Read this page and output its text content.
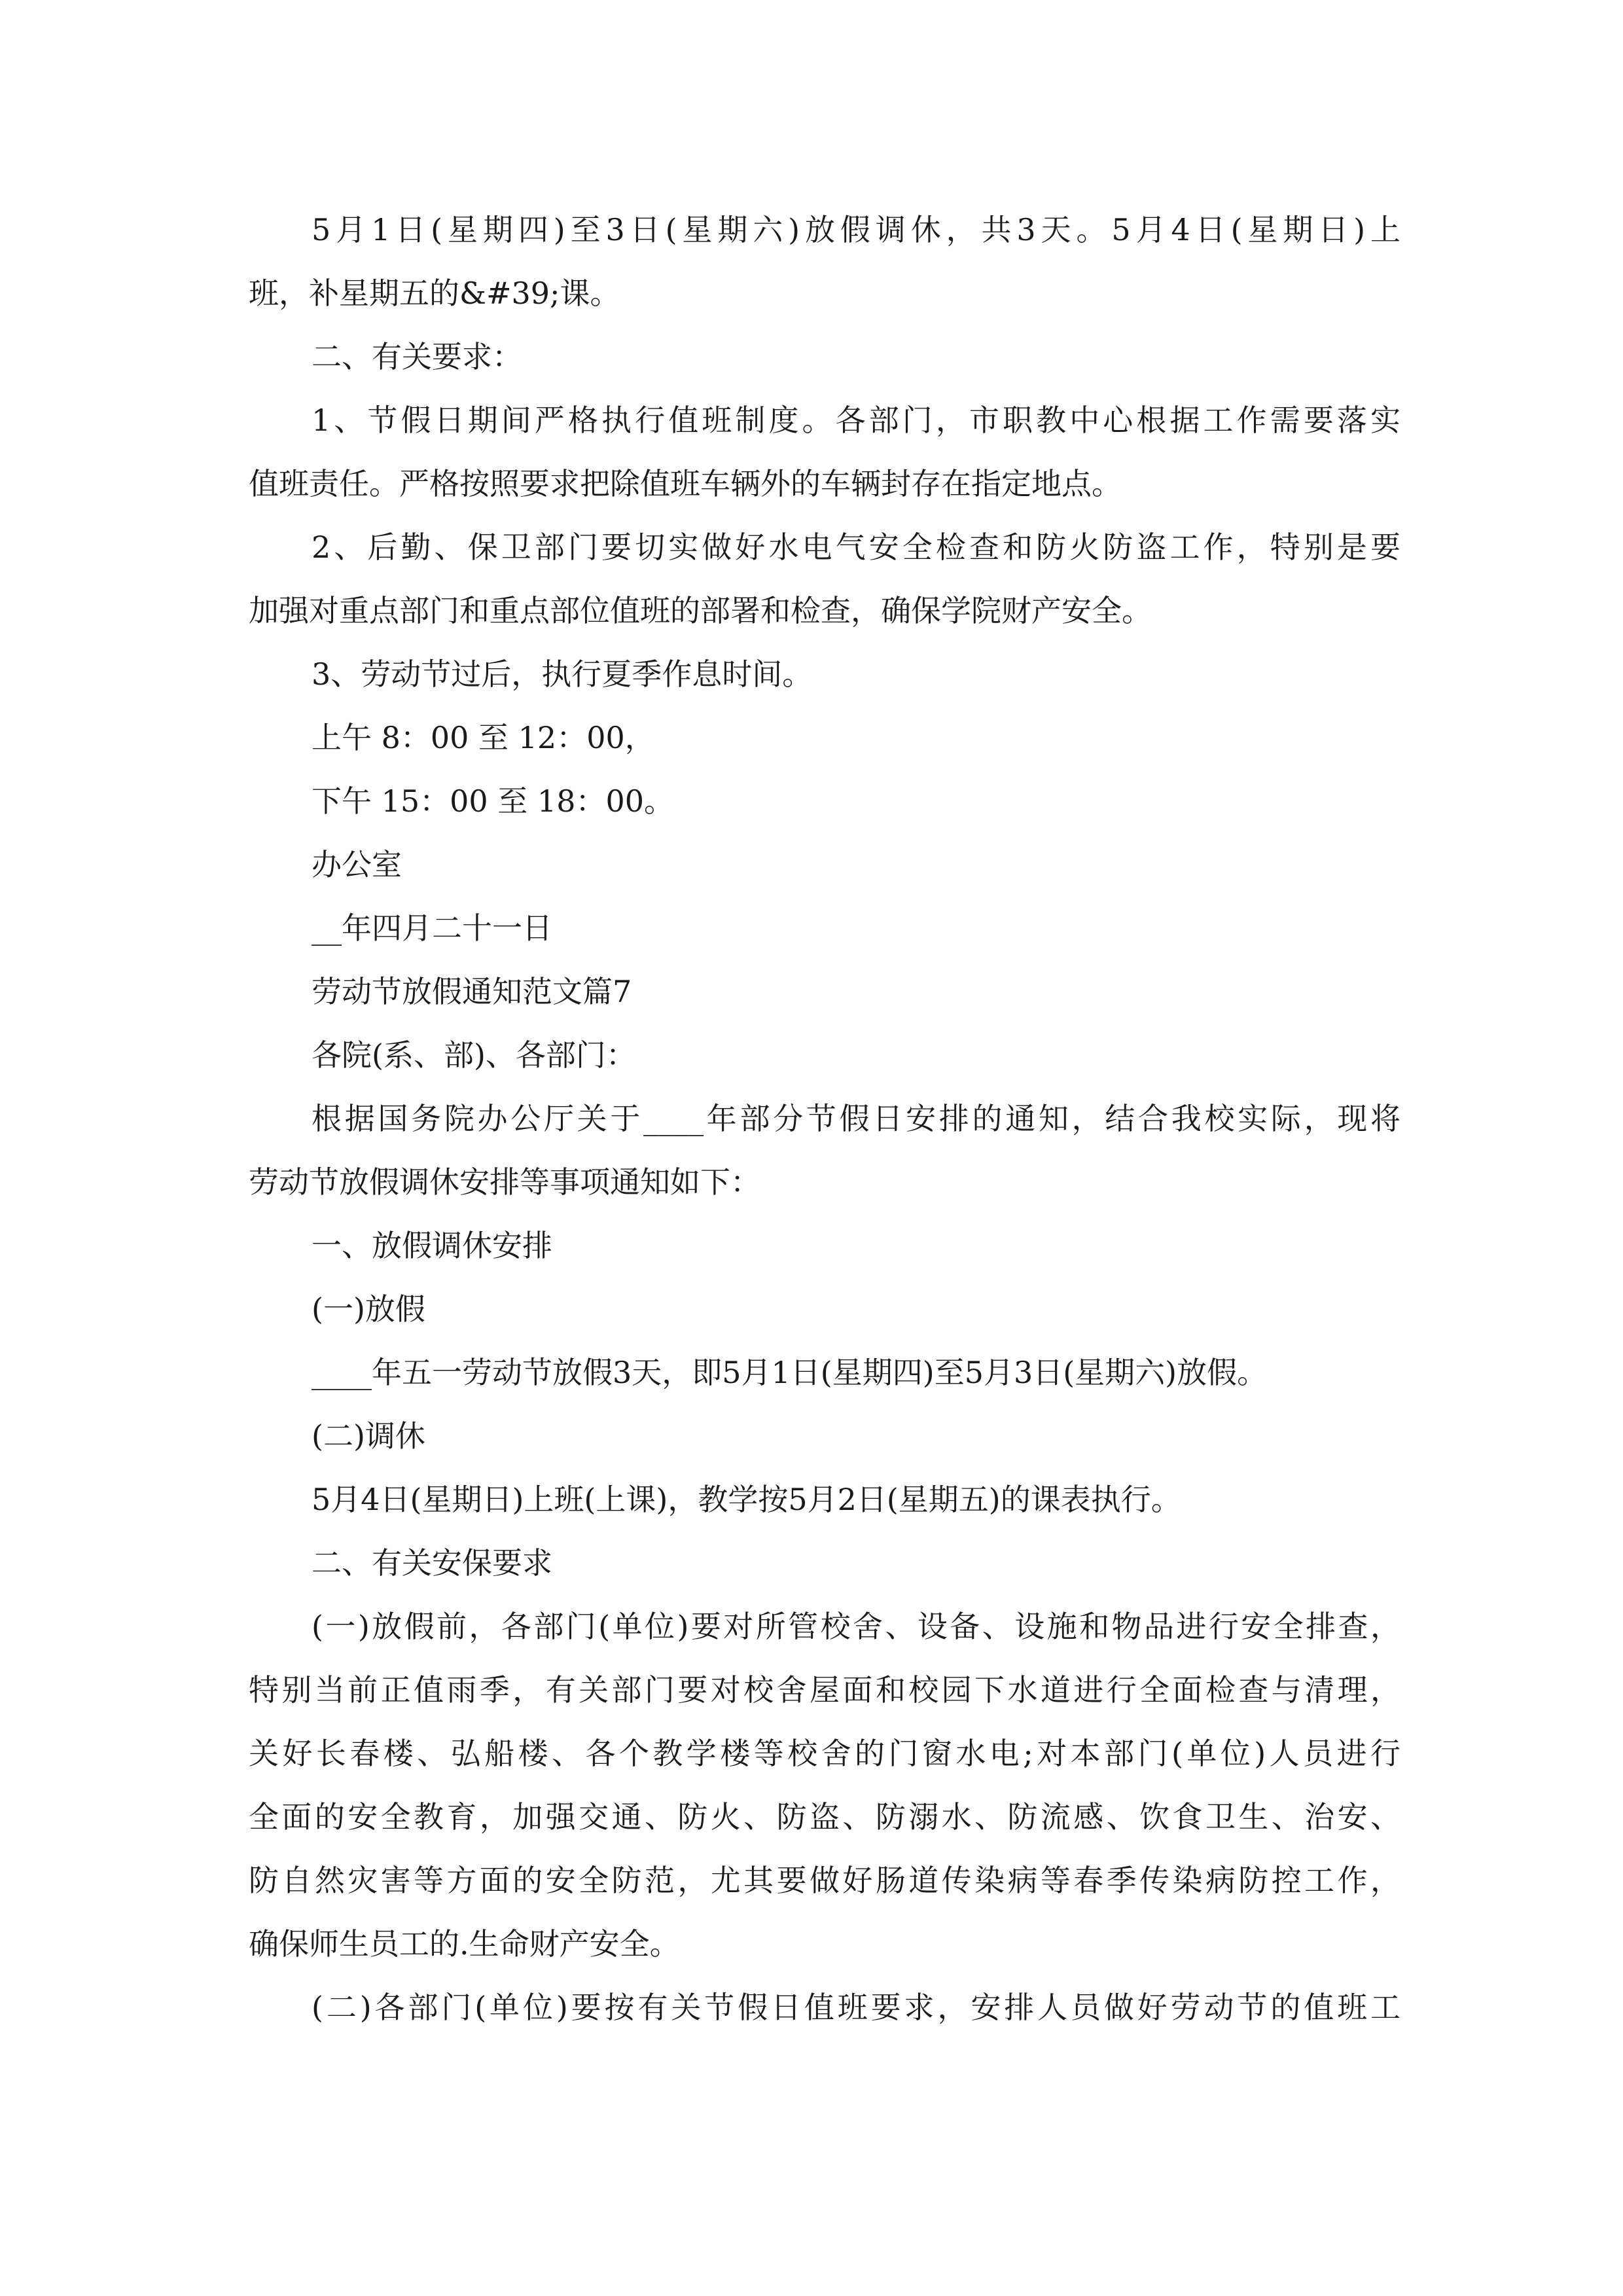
5月1日(星期四)至3日(星期六)放假调休，共3天。5月4日(星期日)上
班，补星期五的&#39;课。
二、有关要求：
1、节假日期间严格执行值班制度。各部门，市职教中心根据工作需要落实
值班责任。严格按照要求把除值班车辆外的车辆封存在指定地点。
2、后勤、保卫部门要切实做好水电气安全检查和防火防盗工作，特别是要
加强对重点部门和重点部位值班的部署和检查，确保学院财产安全。
3、劳动节过后，执行夏季作息时间。
上午 8：00 至 12：00，
下午 15：00 至 18：00。
办公室
__年四月二十一日
劳动节放假通知范文篇7
各院(系、部)、各部门：
根据国务院办公厅关于____年部分节假日安排的通知，结合我校实际，现将
劳动节放假调休安排等事项通知如下：
一、放假调休安排
(一)放假
____年五一劳动节放假3天，即5月1日(星期四)至5月3日(星期六)放假。
(二)调休
5月4日(星期日)上班(上课)，教学按5月2日(星期五)的课表执行。
二、有关安保要求
(一)放假前，各部门(单位)要对所管校舍、设备、设施和物品进行安全排查，
特别当前正值雨季，有关部门要对校舍屋面和校园下水道进行全面检查与清理，
关好长春楼、弘船楼、各个教学楼等校舍的门窗水电;对本部门(单位)人员进行
全面的安全教育，加强交通、防火、防盗、防溺水、防流感、饮食卫生、治安、
防自然灾害等方面的安全防范，尤其要做好肠道传染病等春季传染病防控工作，
确保师生员工的.生命财产安全。
(二)各部门(单位)要按有关节假日值班要求，安排人员做好劳动节的值班工
